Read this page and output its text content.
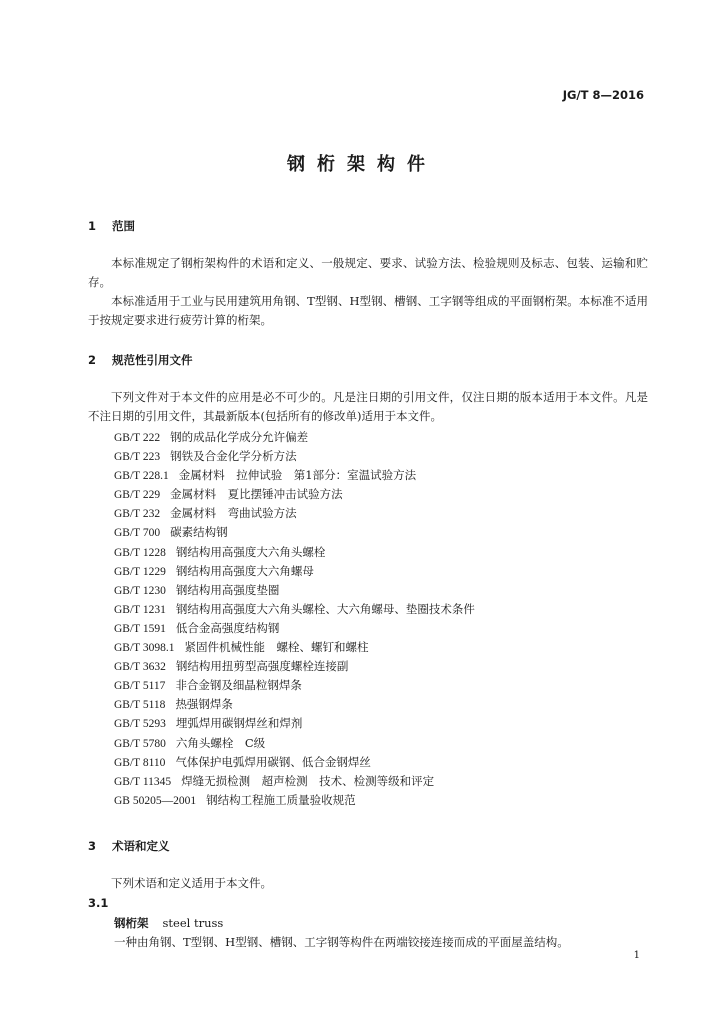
JG/T 8—2016
钢桁架构件
1 范围

本标准规定了钢桁架构件的术语和定义、一般规定、要求、试验方法、检验规则及标志、包装、运输和贮存。

本标准适用于工业与民用建筑用角钢、T型钢、H型钢、槽钢、工字钢等组成的平面钢桁架。本标准不适用于按规定要求进行疲劳计算的桁架。

2 规范性引用文件

下列文件对于本文件的应用是必不可少的。凡是注日期的引用文件，仅注日期的版本适用于本文件。凡是不注日期的引用文件，其最新版本(包括所有的修改单)适用于本文件。

GB/T 222 钢的成品化学成分允许偏差
GB/T 223 钢铁及合金化学分析方法
GB/T 228.1 金属材料　拉伸试验　第1部分：室温试验方法
GB/T 229 金属材料　夏比摆锤冲击试验方法
GB/T 232 金属材料　弯曲试验方法
GB/T 700 碳素结构钢
GB/T 1228 钢结构用高强度大六角头螺栓
GB/T 1229 钢结构用高强度大六角螺母
GB/T 1230 钢结构用高强度垫圈
GB/T 1231 钢结构用高强度大六角头螺栓、大六角螺母、垫圈技术条件
GB/T 1591 低合金高强度结构钢
GB/T 3098.1 紧固件机械性能　螺栓、螺钉和螺柱
GB/T 3632 钢结构用扭剪型高强度螺栓连接副
GB/T 5117 非合金钢及细晶粒钢焊条
GB/T 5118 热强钢焊条
GB/T 5293 埋弧焊用碳钢焊丝和焊剂
GB/T 5780 六角头螺栓　C级
GB/T 8110 气体保护电弧焊用碳钢、低合金钢焊丝
GB/T 11345 焊缝无损检测　超声检测　技术、检测等级和评定
GB 50205—2001 钢结构工程施工质量验收规范
3 术语和定义

下列术语和定义适用于本文件。

3.1
钢桁架 steel truss
一种由角钢、T型钢、H型钢、槽钢、工字钢等构件在两端铰接连接而成的平面屋盖结构。
1
